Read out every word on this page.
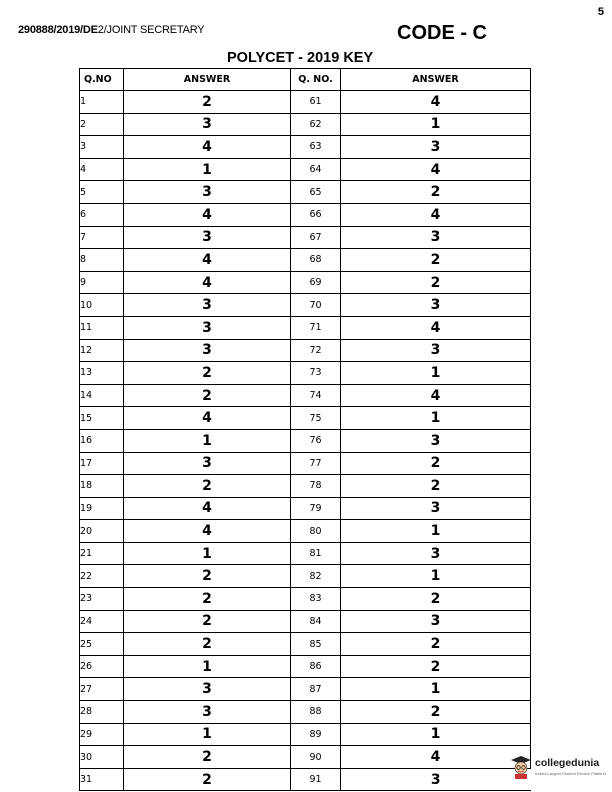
5
290888/2019/DE2/JOINT SECRETARY	CODE - C
POLYCET - 2019 KEY
Q.NO	ANSWER	Q. NO.	ANSWER
1	2	61	4
2	3	62	1
3	4	63	3
4	1	64	4
5	3	65	2
6	4	66	4
7	3	67	3
8	4	68	2
9	4	69	2
10	3	70	3
11	3	71	4
12	3	72	3
13	2	73	1
14	2	74	4
15	4	75	1
16	1	76	3
17	3	77	2
18	2	78	2
19	4	79	3
20	4	80	1
21	1	81	3
22	2	82	1
23	2	83	2
24	2	84	3
25	2	85	2
26	1	86	2
27	3	87	1
28	3	88	2
29	1	89	1
30	2	90	4
31	2	91	3
collegedunia
India's Largest Student Review Platform
